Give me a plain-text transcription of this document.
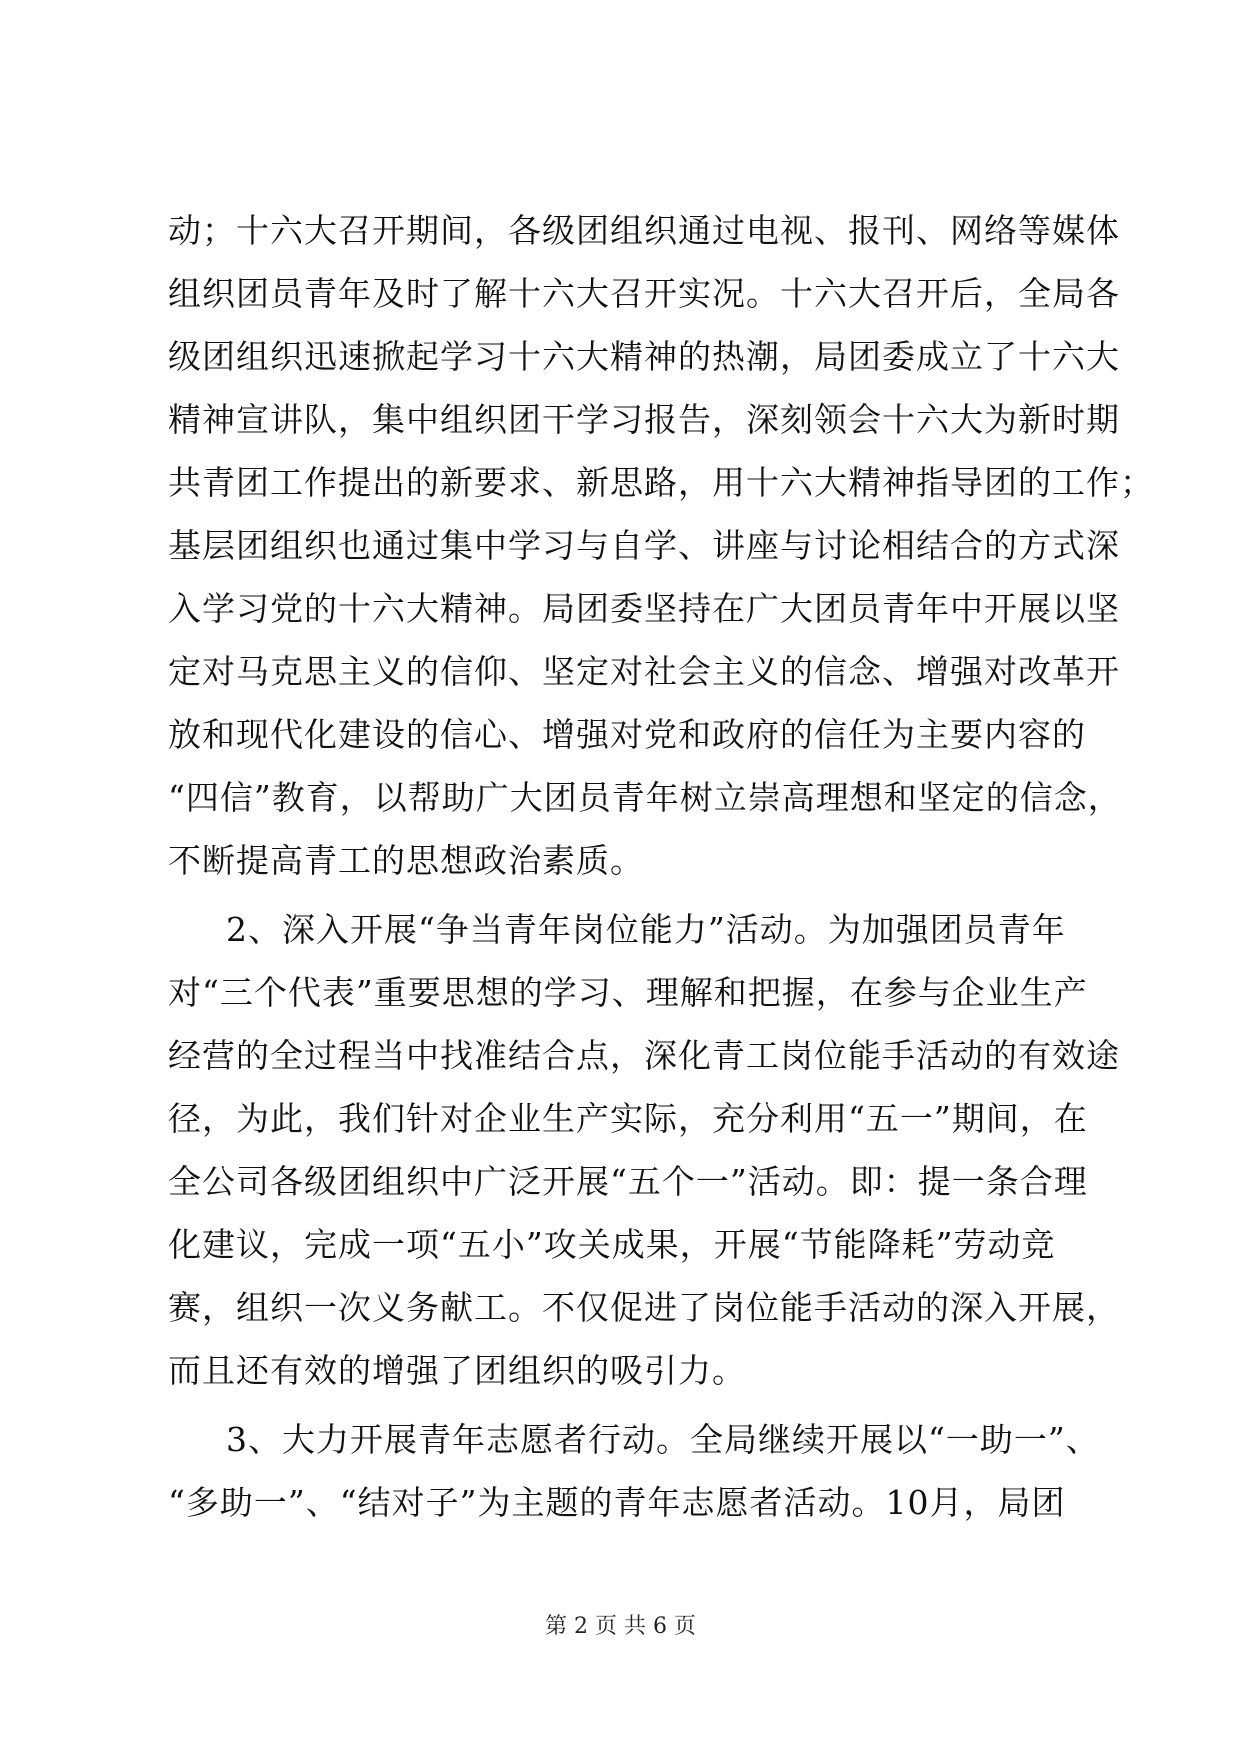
动；十六大召开期间，各级团组织通过电视、报刊、网络等媒体
组织团员青年及时了解十六大召开实况。十六大召开后，全局各
级团组织迅速掀起学习十六大精神的热潮，局团委成立了十六大
精神宣讲队，集中组织团干学习报告，深刻领会十六大为新时期
共青团工作提出的新要求、新思路，用十六大精神指导团的工作；
基层团组织也通过集中学习与自学、讲座与讨论相结合的方式深
入学习党的十六大精神。局团委坚持在广大团员青年中开展以坚
定对马克思主义的信仰、坚定对社会主义的信念、增强对改革开
放和现代化建设的信心、增强对党和政府的信任为主要内容的
“四信”教育，以帮助广大团员青年树立崇高理想和坚定的信念，
不断提高青工的思想政治素质。
2、深入开展“争当青年岗位能力”活动。为加强团员青年
对“三个代表”重要思想的学习、理解和把握，在参与企业生产
经营的全过程当中找准结合点，深化青工岗位能手活动的有效途
径，为此，我们针对企业生产实际，充分利用“五一”期间，在
全公司各级团组织中广泛开展“五个一”活动。即：提一条合理
化建议，完成一项“五小”攻关成果，开展“节能降耗”劳动竞
赛，组织一次义务献工。不仅促进了岗位能手活动的深入开展，
而且还有效的增强了团组织的吸引力。
3、大力开展青年志愿者行动。全局继续开展以“一助一”、
“多助一”、“结对子”为主题的青年志愿者活动。10月，局团
第 2 页 共 6 页
